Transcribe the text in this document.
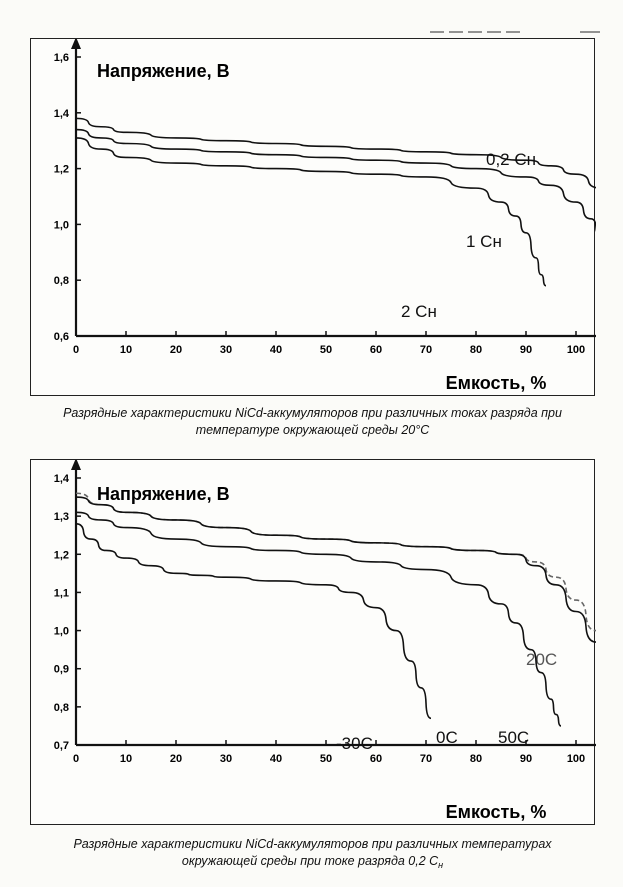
0	10	20	30	40	50	60	70	80	90	100
0,6
0,8
1,0
1,2
1,4
1,6
Напряжение, В
Емкость, %
0,2 Сн
1 Сн
2 Сн
Разрядные характеристики NiCd-аккумуляторов при различных токах разряда при температуре окружающей среды 20°С
0	10	20	30	40	50	60	70	80	90	100
0,7
0,8
0,9
1,0
1,1
1,2
1,3
1,4
Напряжение, В
Емкость, %
20С
50С
0С
-30С
Разрядные характеристики NiCd-аккумуляторов при различных температурах окружающей среды при токе разряда 0,2 $С_н$
